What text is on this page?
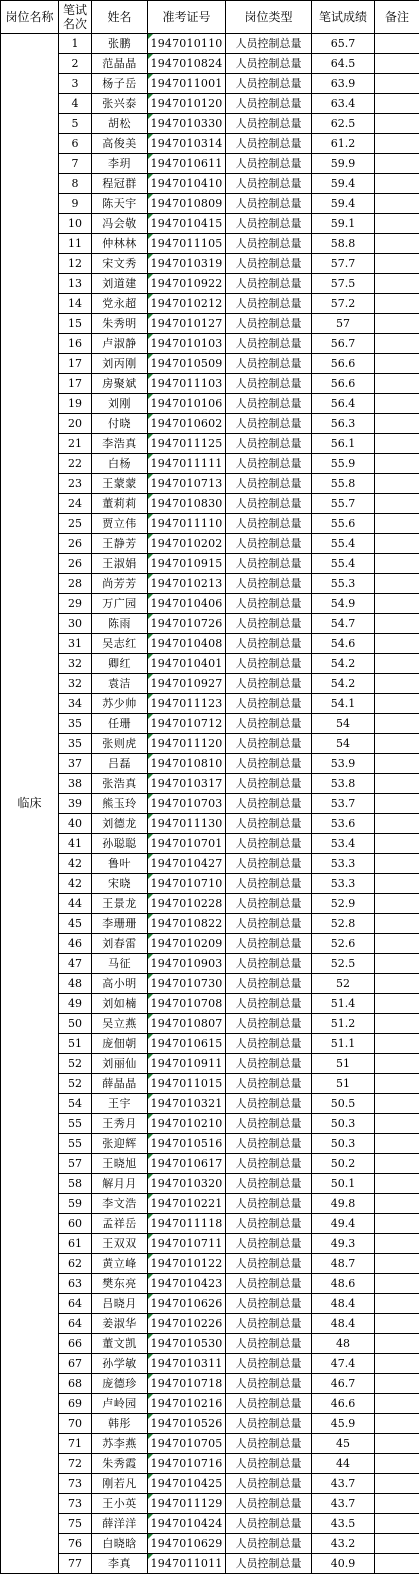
岗位名称	笔试名次	姓名	准考证号	岗位类型	笔试成绩	备注
临床	1	张鹏	1947010110	人员控制总量	65.7	
	2	范晶晶	1947010824	人员控制总量	64.5	
	3	杨子岳	1947011001	人员控制总量	63.9	
	4	张兴泰	1947010120	人员控制总量	63.4	
	5	胡松	1947010330	人员控制总量	62.5	
	6	高俊美	1947010314	人员控制总量	61.2	
	7	李玥	1947010611	人员控制总量	59.9	
	8	程冠群	1947010410	人员控制总量	59.4	
	9	陈天宇	1947010809	人员控制总量	59.4	
	10	冯会敬	1947010415	人员控制总量	59.1	
	11	仲林林	1947011105	人员控制总量	58.8	
	12	宋文秀	1947010319	人员控制总量	57.7	
	13	刘道建	1947010922	人员控制总量	57.5	
	14	党永超	1947010212	人员控制总量	57.2	
	15	朱秀明	1947010127	人员控制总量	57	
	16	卢淑静	1947010103	人员控制总量	56.7	
	17	刘丙刚	1947010509	人员控制总量	56.6	
	17	房聚斌	1947011103	人员控制总量	56.6	
	19	刘刚	1947010106	人员控制总量	56.4	
	20	付晓	1947010602	人员控制总量	56.3	
	21	李浩真	1947011125	人员控制总量	56.1	
	22	白杨	1947011111	人员控制总量	55.9	
	23	王蒙蒙	1947010713	人员控制总量	55.8	
	24	董莉莉	1947010830	人员控制总量	55.7	
	25	贾立伟	1947011110	人员控制总量	55.6	
	26	王静芳	1947010202	人员控制总量	55.4	
	26	王淑娟	1947010915	人员控制总量	55.4	
	28	尚芳芳	1947010213	人员控制总量	55.3	
	29	万广园	1947010406	人员控制总量	54.9	
	30	陈雨	1947010726	人员控制总量	54.7	
	31	吴志红	1947010408	人员控制总量	54.6	
	32	卿红	1947010401	人员控制总量	54.2	
	32	袁洁	1947010927	人员控制总量	54.2	
	34	苏少帅	1947011123	人员控制总量	54.1	
	35	任珊	1947010712	人员控制总量	54	
	35	张则虎	1947011120	人员控制总量	54	
	37	吕磊	1947010810	人员控制总量	53.9	
	38	张浩真	1947010317	人员控制总量	53.8	
	39	熊玉玲	1947010703	人员控制总量	53.7	
	40	刘德龙	1947011130	人员控制总量	53.6	
	41	孙聪聪	1947010701	人员控制总量	53.4	
	42	鲁叶	1947010427	人员控制总量	53.3	
	42	宋晓	1947010710	人员控制总量	53.3	
	44	王景龙	1947010228	人员控制总量	52.9	
	45	李珊珊	1947010822	人员控制总量	52.8	
	46	刘春雷	1947010209	人员控制总量	52.6	
	47	马征	1947010903	人员控制总量	52.5	
	48	高小明	1947010730	人员控制总量	52	
	49	刘如楠	1947010708	人员控制总量	51.4	
	50	吴立燕	1947010807	人员控制总量	51.2	
	51	庞佃朝	1947010615	人员控制总量	51.1	
	52	刘丽仙	1947010911	人员控制总量	51	
	52	薛晶晶	1947011015	人员控制总量	51	
	54	王宇	1947010321	人员控制总量	50.5	
	55	王秀月	1947010210	人员控制总量	50.3	
	55	张迎辉	1947010516	人员控制总量	50.3	
	57	王晓旭	1947010617	人员控制总量	50.2	
	58	解月月	1947010320	人员控制总量	50.1	
	59	李文浩	1947010221	人员控制总量	49.8	
	60	孟祥岳	1947011118	人员控制总量	49.4	
	61	王双双	1947010711	人员控制总量	49.3	
	62	黄立峰	1947010122	人员控制总量	48.7	
	63	樊东亮	1947010423	人员控制总量	48.6	
	64	吕晓月	1947010626	人员控制总量	48.4	
	64	姜淑华	1947010226	人员控制总量	48.4	
	66	董文凯	1947010530	人员控制总量	48	
	67	孙学敏	1947010311	人员控制总量	47.4	
	68	庞德珍	1947010718	人员控制总量	46.7	
	69	卢岭园	1947010216	人员控制总量	46.6	
	70	韩彤	1947010526	人员控制总量	45.9	
	71	苏李燕	1947010705	人员控制总量	45	
	72	朱秀霞	1947010716	人员控制总量	44	
	73	刚若凡	1947010425	人员控制总量	43.7	
	73	王小英	1947011129	人员控制总量	43.7	
	75	薛洋洋	1947010424	人员控制总量	43.5	
	76	白晓晗	1947010629	人员控制总量	43.2	
	77	李真	1947011011	人员控制总量	40.9	
